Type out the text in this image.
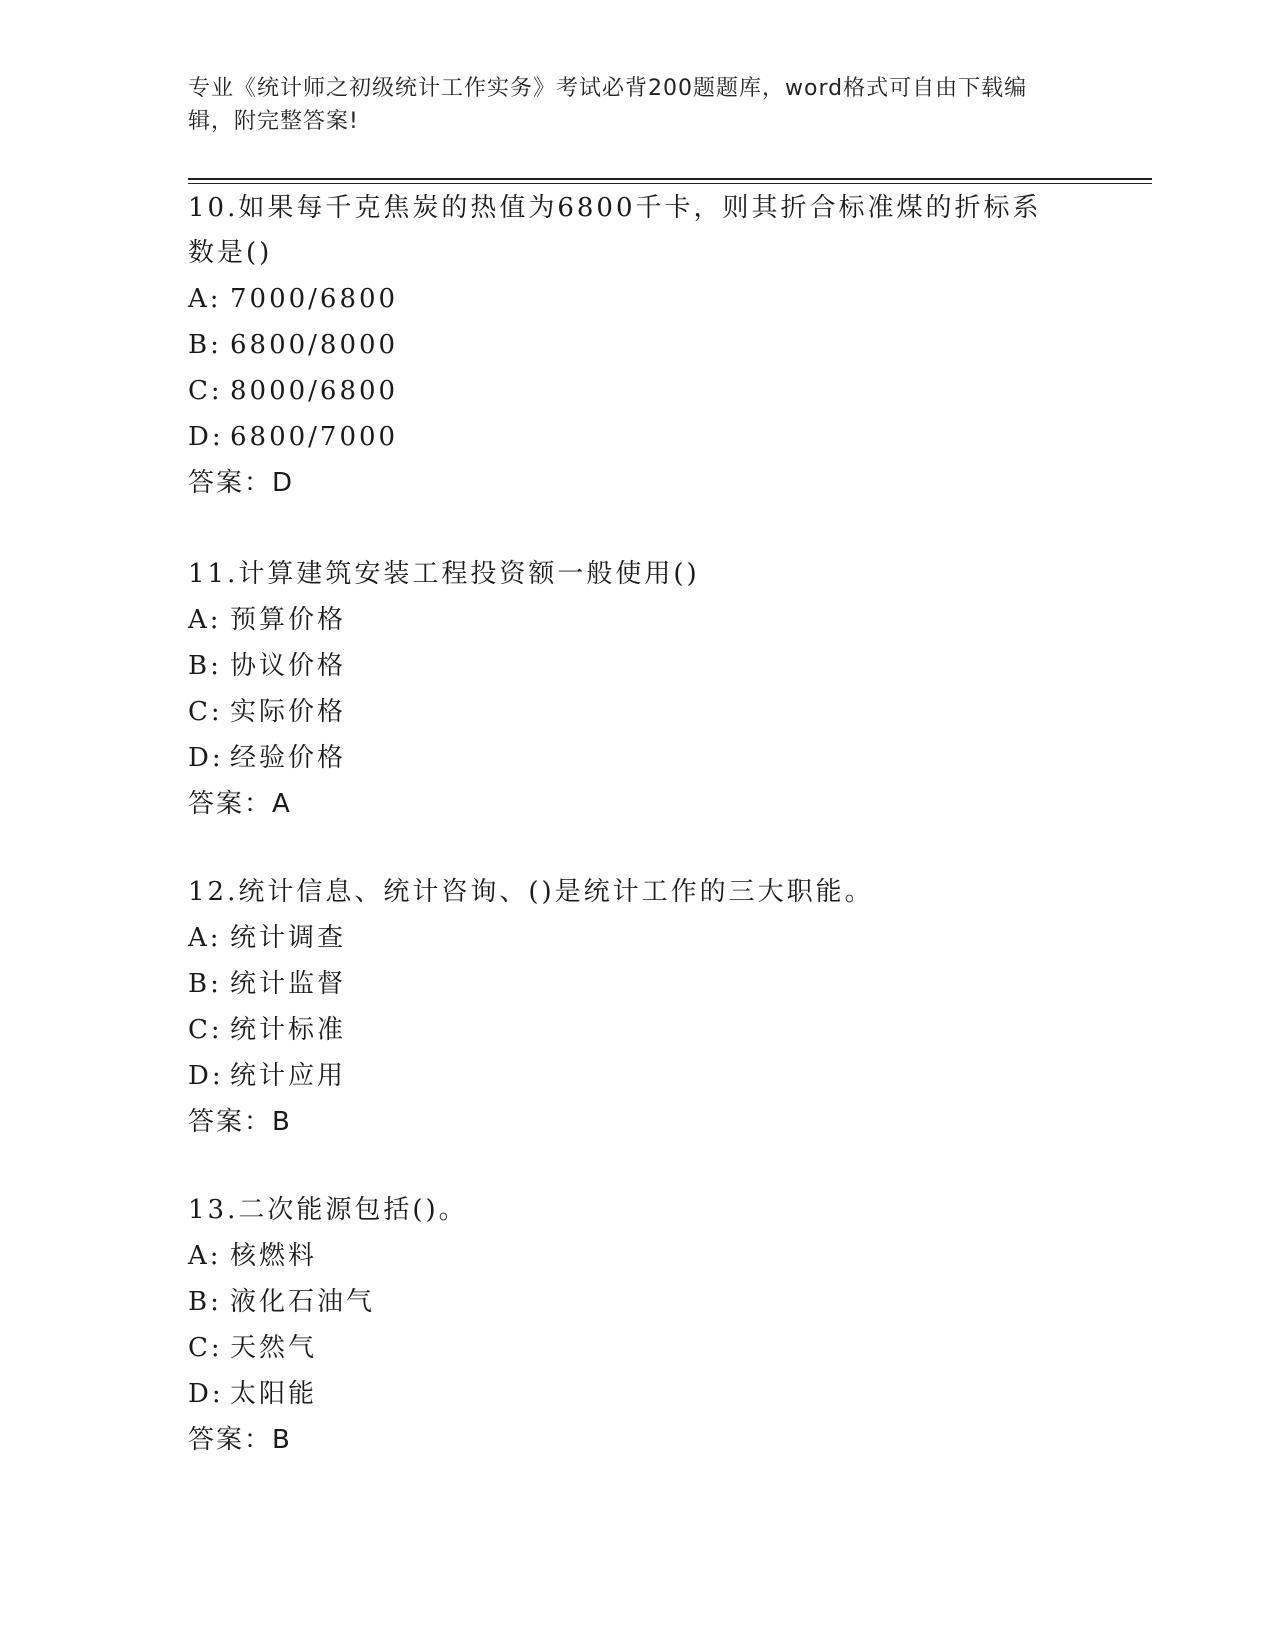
专业《统计师之初级统计工作实务》考试必背200题题库，word格式可自由下载编辑，附完整答案!

10.如果每千克焦炭的热值为6800千卡，则其折合标准煤的折标系数是()

A: 7000/6800
B: 6800/8000
C: 8000/6800
D: 6800/7000
答案：D

11.计算建筑安装工程投资额一般使用()

A: 预算价格
B: 协议价格
C: 实际价格
D: 经验价格
答案：A

12.统计信息、统计咨询、()是统计工作的三大职能。

A: 统计调查
B: 统计监督
C: 统计标准
D: 统计应用
答案：B

13.二次能源包括()。

A: 核燃料
B: 液化石油气
C: 天然气
D: 太阳能
答案：B
